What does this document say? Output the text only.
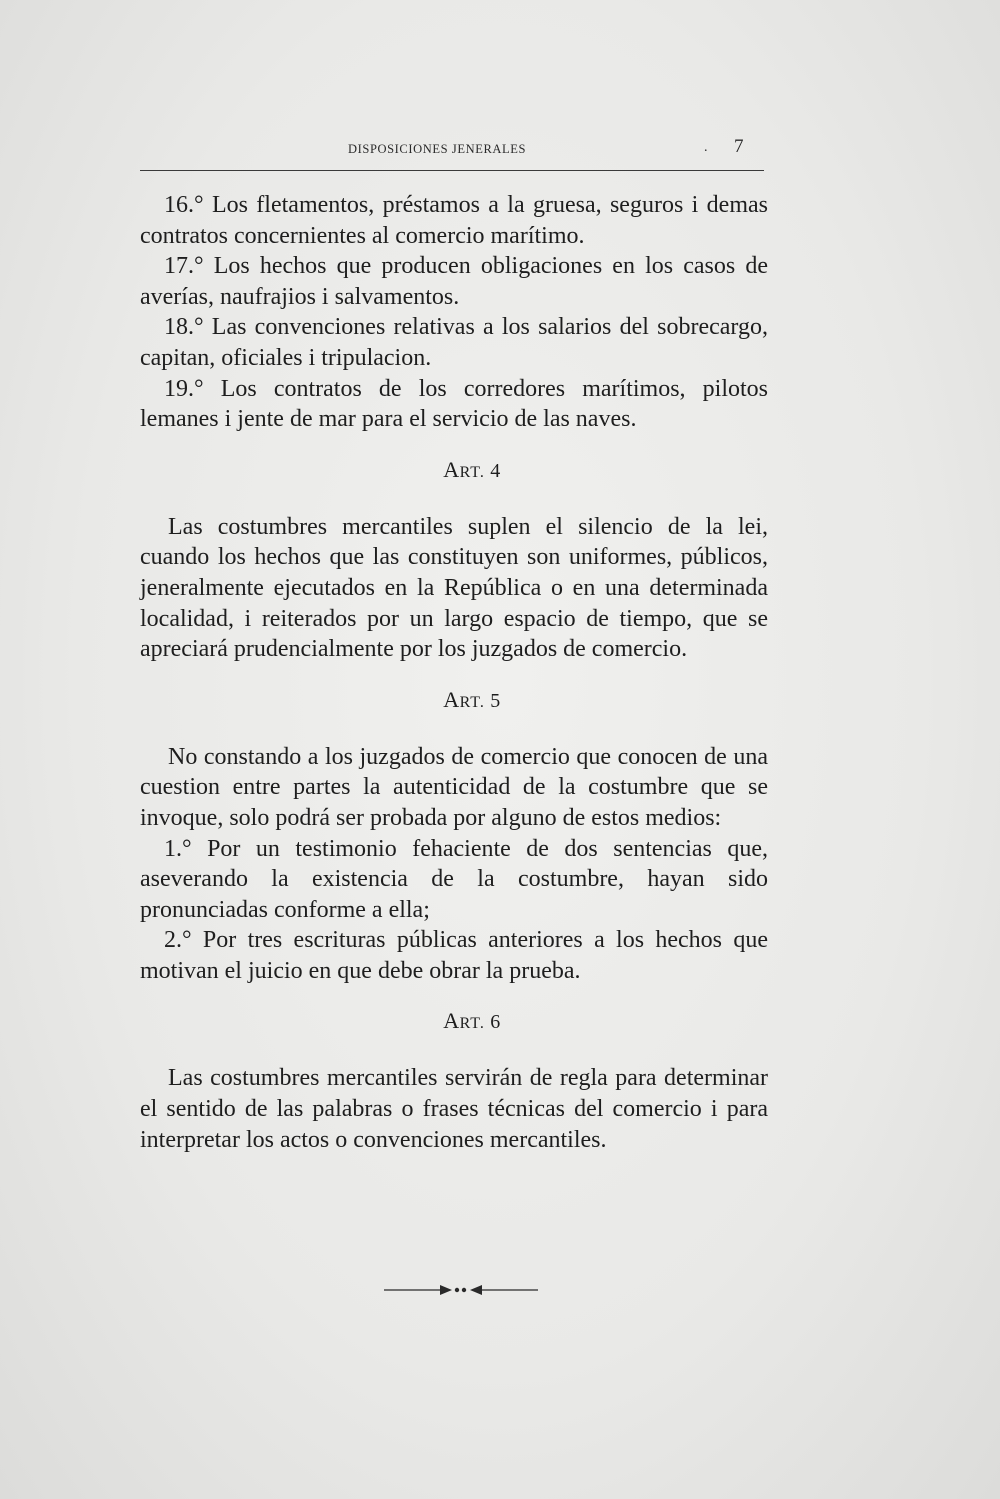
DISPOSICIONES JENERALES	. 7

16.° Los fletamentos, préstamos a la gruesa, seguros i demas contratos concernientes al comercio marítimo.

17.° Los hechos que producen obligaciones en los casos de averías, naufrajios i salvamentos.

18.° Las convenciones relativas a los salarios del sobrecargo, capitan, oficiales i tripulacion.

19.° Los contratos de los corredores marítimos, pilotos lemanes i jente de mar para el servicio de las naves.

ART. 4

Las costumbres mercantiles suplen el silencio de la lei, cuando los hechos que las constituyen son uniformes, públicos, jeneralmente ejecutados en la República o en una determinada localidad, i reiterados por un largo espacio de tiempo, que se apreciará prudencialmente por los juzgados de comercio.

ART. 5

No constando a los juzgados de comercio que conocen de una cuestion entre partes la autenticidad de la costumbre que se invoque, solo podrá ser probada por alguno de estos medios:

1.° Por un testimonio fehaciente de dos sentencias que, aseverando la existencia de la costumbre, hayan sido pronunciadas conforme a ella;

2.° Por tres escrituras públicas anteriores a los hechos que motivan el juicio en que debe obrar la prueba.

ART. 6

Las costumbres mercantiles servirán de regla para determinar el sentido de las palabras o frases técnicas del comercio i para interpretar los actos o convenciones mercantiles.
